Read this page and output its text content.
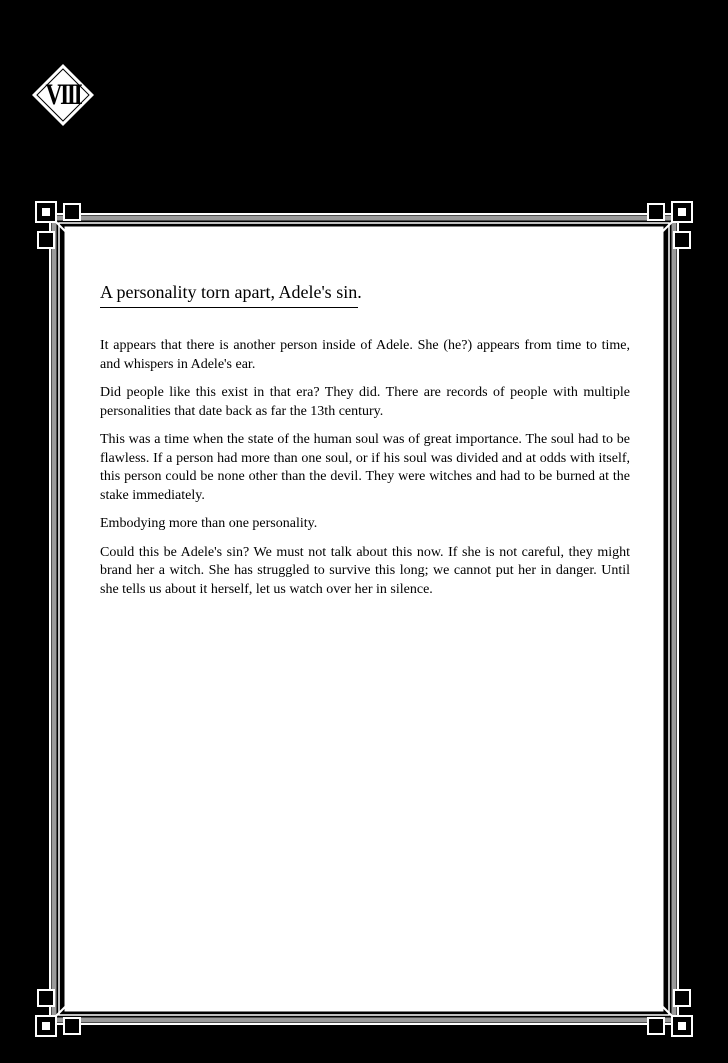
VIII
A personality torn apart, Adele's sin.

It appears that there is another person inside of Adele. She (he?) appears from time to time, and whispers in Adele's ear.

Did people like this exist in that era? They did. There are records of people with multiple personalities that date back as far the 13th century.

This was a time when the state of the human soul was of great importance. The soul had to be flawless. If a person had more than one soul, or if his soul was divided and at odds with itself, this person could be none other than the devil. They were witches and had to be burned at the stake immediately.

Embodying more than one personality.

Could this be Adele's sin? We must not talk about this now. If she is not careful, they might brand her a witch. She has struggled to survive this long; we cannot put her in danger. Until she tells us about it herself, let us watch over her in silence.
